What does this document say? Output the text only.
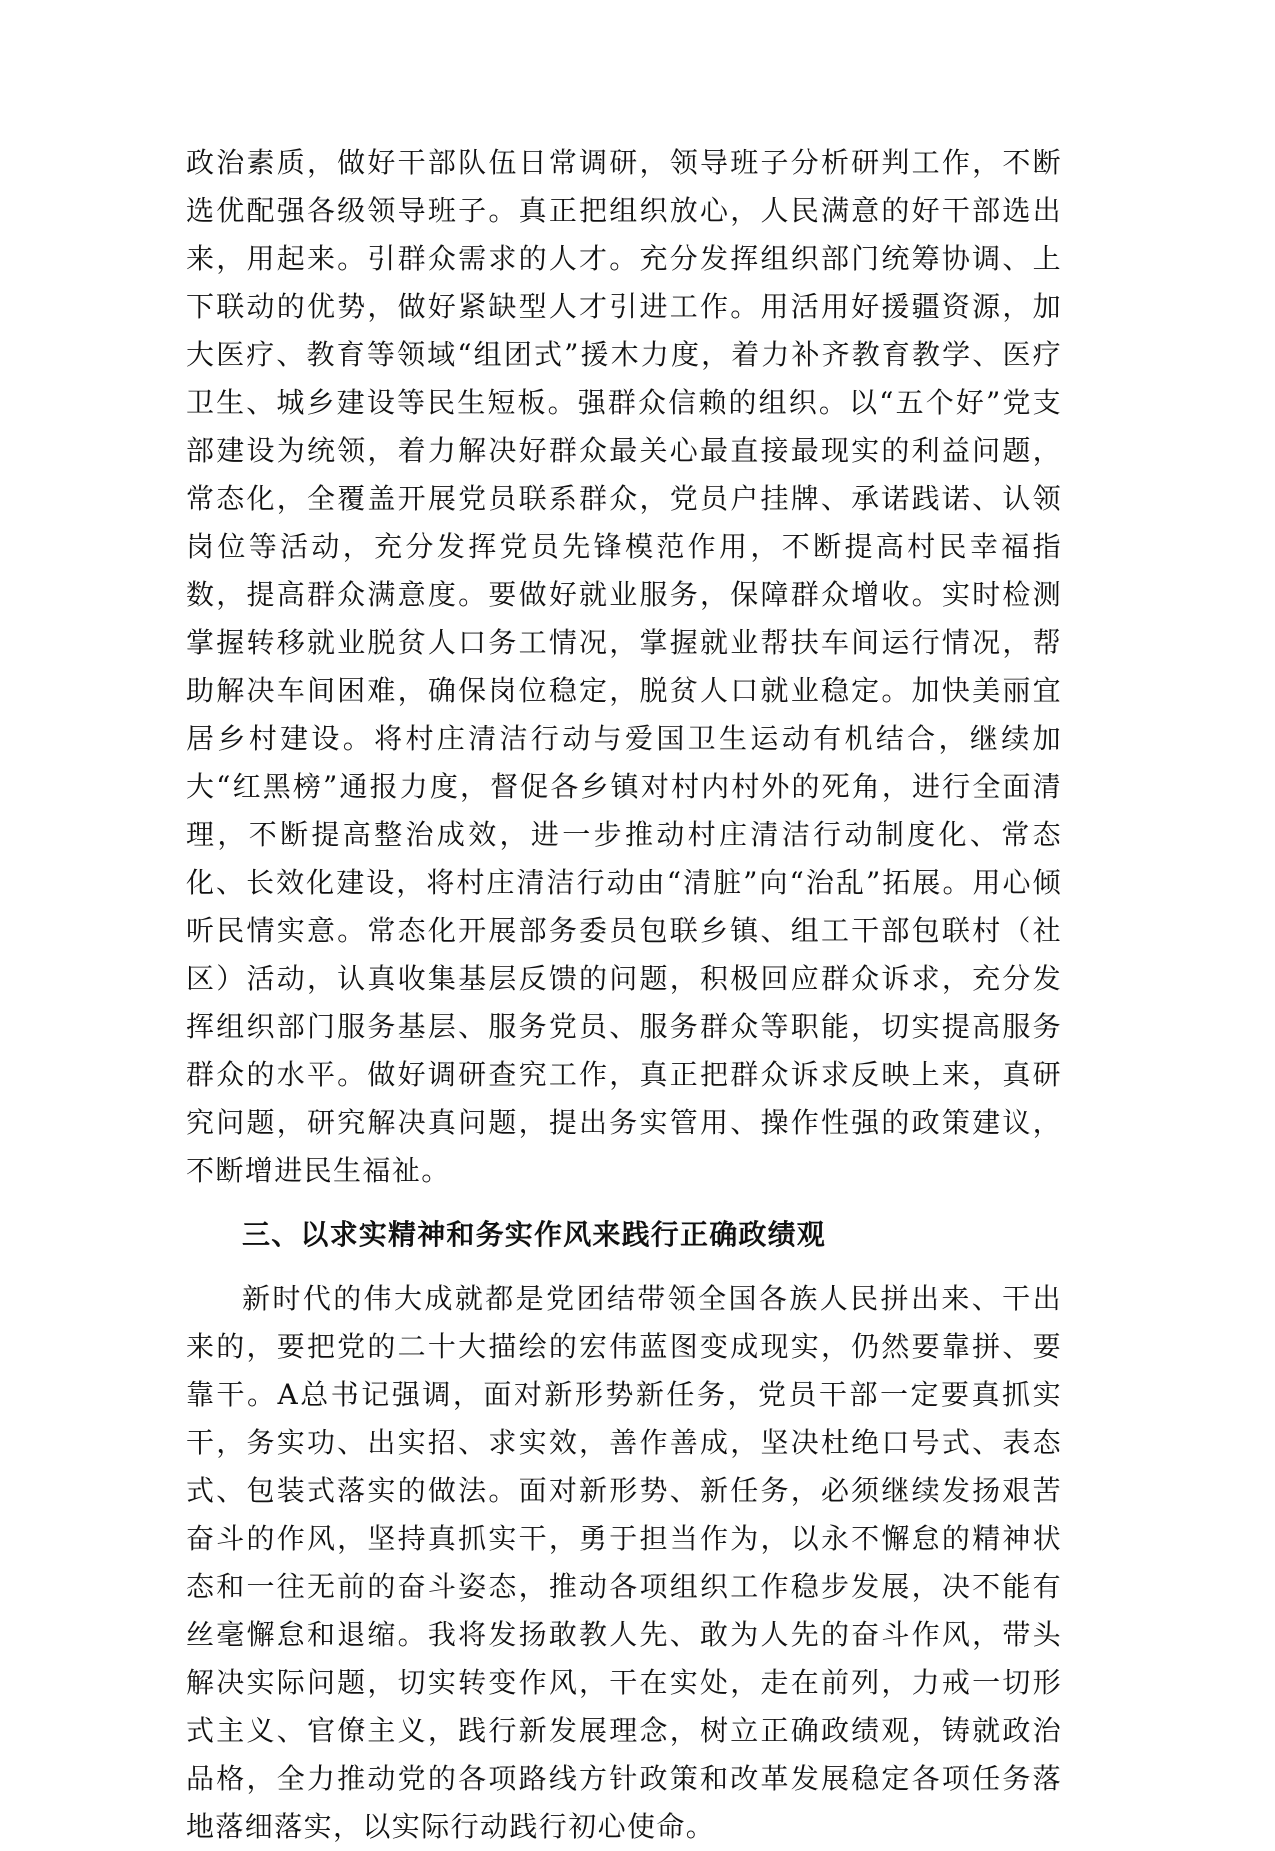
政治素质，做好干部队伍日常调研，领导班子分析研判工作，不断选优配强各级领导班子。真正把组织放心，人民满意的好干部选出来，用起来。引群众需求的人才。充分发挥组织部门统筹协调、上下联动的优势，做好紧缺型人才引进工作。用活用好援疆资源，加大医疗、教育等领域“组团式”援木力度，着力补齐教育教学、医疗卫生、城乡建设等民生短板。强群众信赖的组织。以“五个好”党支部建设为统领，着力解决好群众最关心最直接最现实的利益问题，常态化，全覆盖开展党员联系群众，党员户挂牌、承诺践诺、认领岗位等活动，充分发挥党员先锋模范作用，不断提高村民幸福指数，提高群众满意度。要做好就业服务，保障群众增收。实时检测掌握转移就业脱贫人口务工情况，掌握就业帮扶车间运行情况，帮助解决车间困难，确保岗位稳定，脱贫人口就业稳定。加快美丽宜居乡村建设。将村庄清洁行动与爱国卫生运动有机结合，继续加大“红黑榜”通报力度，督促各乡镇对村内村外的死角，进行全面清理，不断提高整治成效，进一步推动村庄清洁行动制度化、常态化、长效化建设，将村庄清洁行动由“清脏”向“治乱”拓展。用心倾听民情实意。常态化开展部务委员包联乡镇、组工干部包联村（社区）活动，认真收集基层反馈的问题，积极回应群众诉求，充分发挥组织部门服务基层、服务党员、服务群众等职能，切实提高服务群众的水平。做好调研查究工作，真正把群众诉求反映上来，真研究问题，研究解决真问题，提出务实管用、操作性强的政策建议，不断增进民生福祉。

三、以求实精神和务实作风来践行正确政绩观

新时代的伟大成就都是党团结带领全国各族人民拼出来、干出来的，要把党的二十大描绘的宏伟蓝图变成现实，仍然要靠拼、要靠干。A总书记强调，面对新形势新任务，党员干部一定要真抓实干，务实功、出实招、求实效，善作善成，坚决杜绝口号式、表态式、包装式落实的做法。面对新形势、新任务，必须继续发扬艰苦奋斗的作风，坚持真抓实干，勇于担当作为，以永不懈怠的精神状态和一往无前的奋斗姿态，推动各项组织工作稳步发展，决不能有丝毫懈怠和退缩。我将发扬敢教人先、敢为人先的奋斗作风，带头解决实际问题，切实转变作风，干在实处，走在前列，力戒一切形式主义、官僚主义，践行新发展理念，树立正确政绩观，铸就政治品格，全力推动党的各项路线方针政策和改革发展稳定各项任务落地落细落实，以实际行动践行初心使命。
